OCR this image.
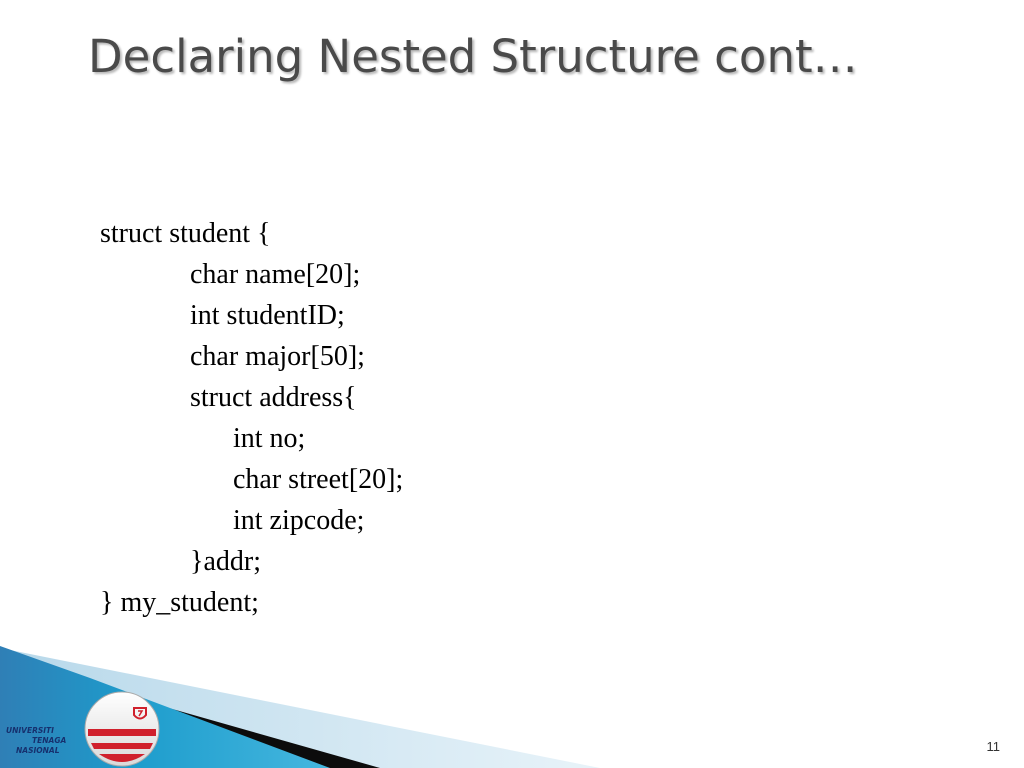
Declaring Nested Structure cont…
struct student {
char name[20];
int studentID;
char major[50];
struct address{
int no;
char street[20];
int zipcode;
}addr;
} my_student;
UNIVERSITI
TENAGA
NASIONAL	11
